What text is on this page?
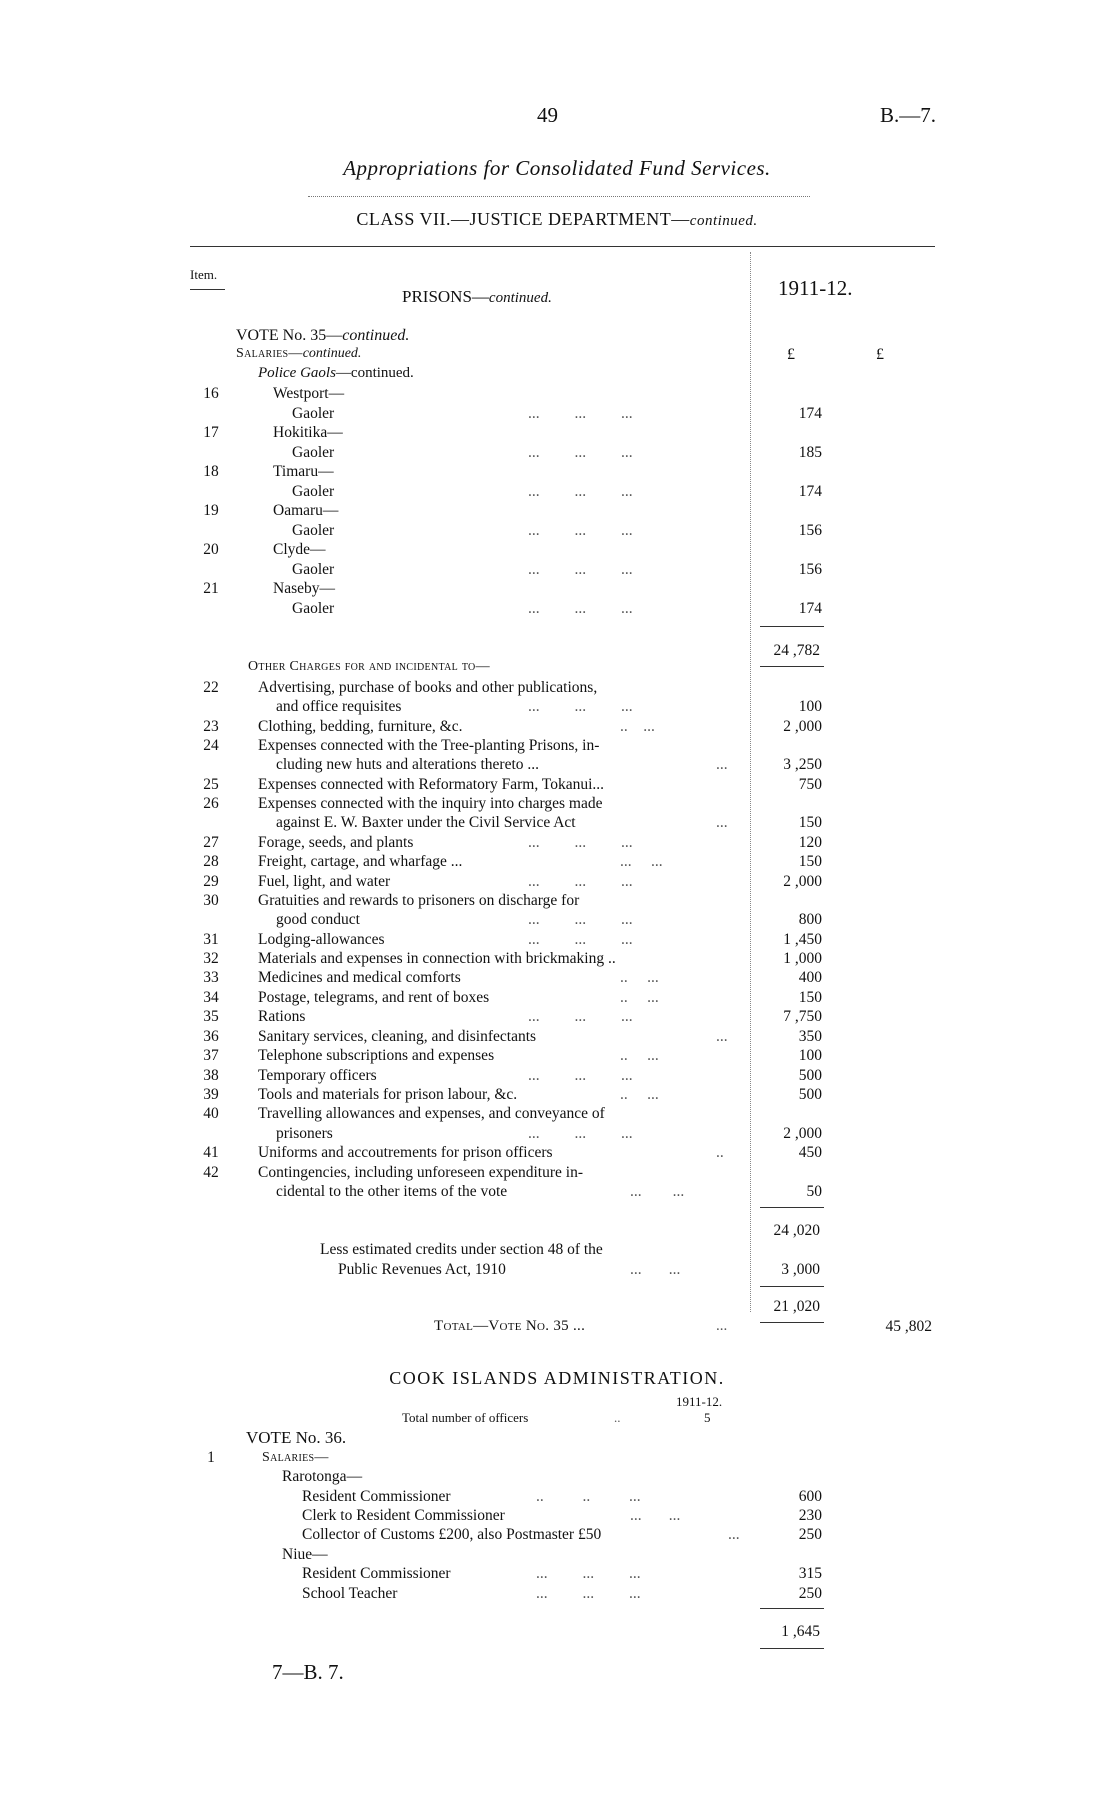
49	B.—7.
Appropriations for Consolidated Fund Services.
CLASS VII.—JUSTICE DEPARTMENT—continued.
Item.
PRISONS—continued.	1911-12.
VOTE No. 35—continued.
Salaries—continued.
Police Gaols—continued.
£	£
16	Westport—
Gaoler	...         ...         ...	174
17	Hokitika—
Gaoler	...         ...         ...	185
18	Timaru—
Gaoler	...         ...         ...	174
19	Oamaru—
Gaoler	...         ...         ...	156
20	Clyde—
Gaoler	...         ...         ...	156
21	Naseby—
Gaoler	...         ...         ...	174
24 ,782
Other Charges for and incidental to—
22	Advertising, purchase of books and other publications,
and office requisites	...         ...         ...	100
23	Clothing, bedding, furniture, &c.	..    ...	2 ,000
24	Expenses connected with the Tree-planting Prisons, in-
cluding new huts and alterations thereto ...	...	3 ,250
25	Expenses connected with Reformatory Farm, Tokanui...	750
26	Expenses connected with the inquiry into charges made
against E. W. Baxter under the Civil Service Act	...	150
27	Forage, seeds, and plants	...         ...         ...	120
28	Freight, cartage, and wharfage ...	...     ...	150
29	Fuel, light, and water	...         ...         ...	2 ,000
30	Gratuities and rewards to prisoners on discharge for
good conduct	...         ...         ...	800
31	Lodging-allowances	...         ...         ...	1 ,450
32	Materials and expenses in connection with brickmaking ..	1 ,000
33	Medicines and medical comforts	..     ...	400
34	Postage, telegrams, and rent of boxes	..     ...	150
35	Rations	...         ...         ...	7 ,750
36	Sanitary services, cleaning, and disinfectants	...	350
37	Telephone subscriptions and expenses	..     ...	100
38	Temporary officers	...         ...         ...	500
39	Tools and materials for prison labour, &c.	..     ...	500
40	Travelling allowances and expenses, and conveyance of
prisoners	...         ...         ...	2 ,000
41	Uniforms and accoutrements for prison officers	..	450
42	Contingencies, including unforeseen expenditure in-
cidental to the other items of the vote	...        ...	50
24 ,020
Less estimated credits under section 48 of the
Public Revenues Act, 1910	...       ...	3 ,000
21 ,020
Total—Vote No. 35 ...	...	45 ,802
COOK ISLANDS ADMINISTRATION.
1911-12.
Total number of officers	..	5
VOTE No. 36.
1	Salaries—
Rarotonga—
Resident Commissioner	..          ..          ...	600
Clerk to Resident Commissioner	...       ...	230
Collector of Customs £200, also Postmaster £50	...	250
Niue—
Resident Commissioner	...         ...         ...	315
School Teacher	...         ...         ...	250
1 ,645
7—B. 7.
